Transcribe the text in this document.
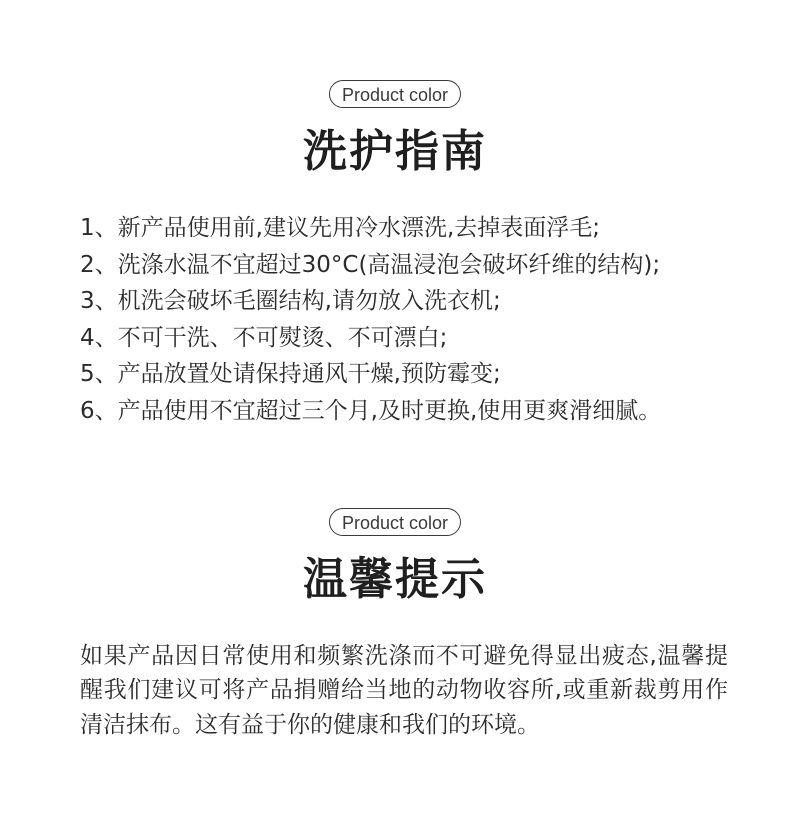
Product color
洗护指南
1、新产品使用前,建议先用冷水漂洗,去掉表面浮毛;
2、洗涤水温不宜超过30°C(高温浸泡会破坏纤维的结构);
3、机洗会破坏毛圈结构,请勿放入洗衣机;
4、不可干洗、不可熨烫、不可漂白;
5、产品放置处请保持通风干燥,预防霉变;
6、产品使用不宜超过三个月,及时更换,使用更爽滑细腻。
Product color
温馨提示

如果产品因日常使用和频繁洗涤而不可避免得显出疲态,温馨提醒我们建议可将产品捐赠给当地的动物收容所,或重新裁剪用作清洁抹布。这有益于你的健康和我们的环境。
